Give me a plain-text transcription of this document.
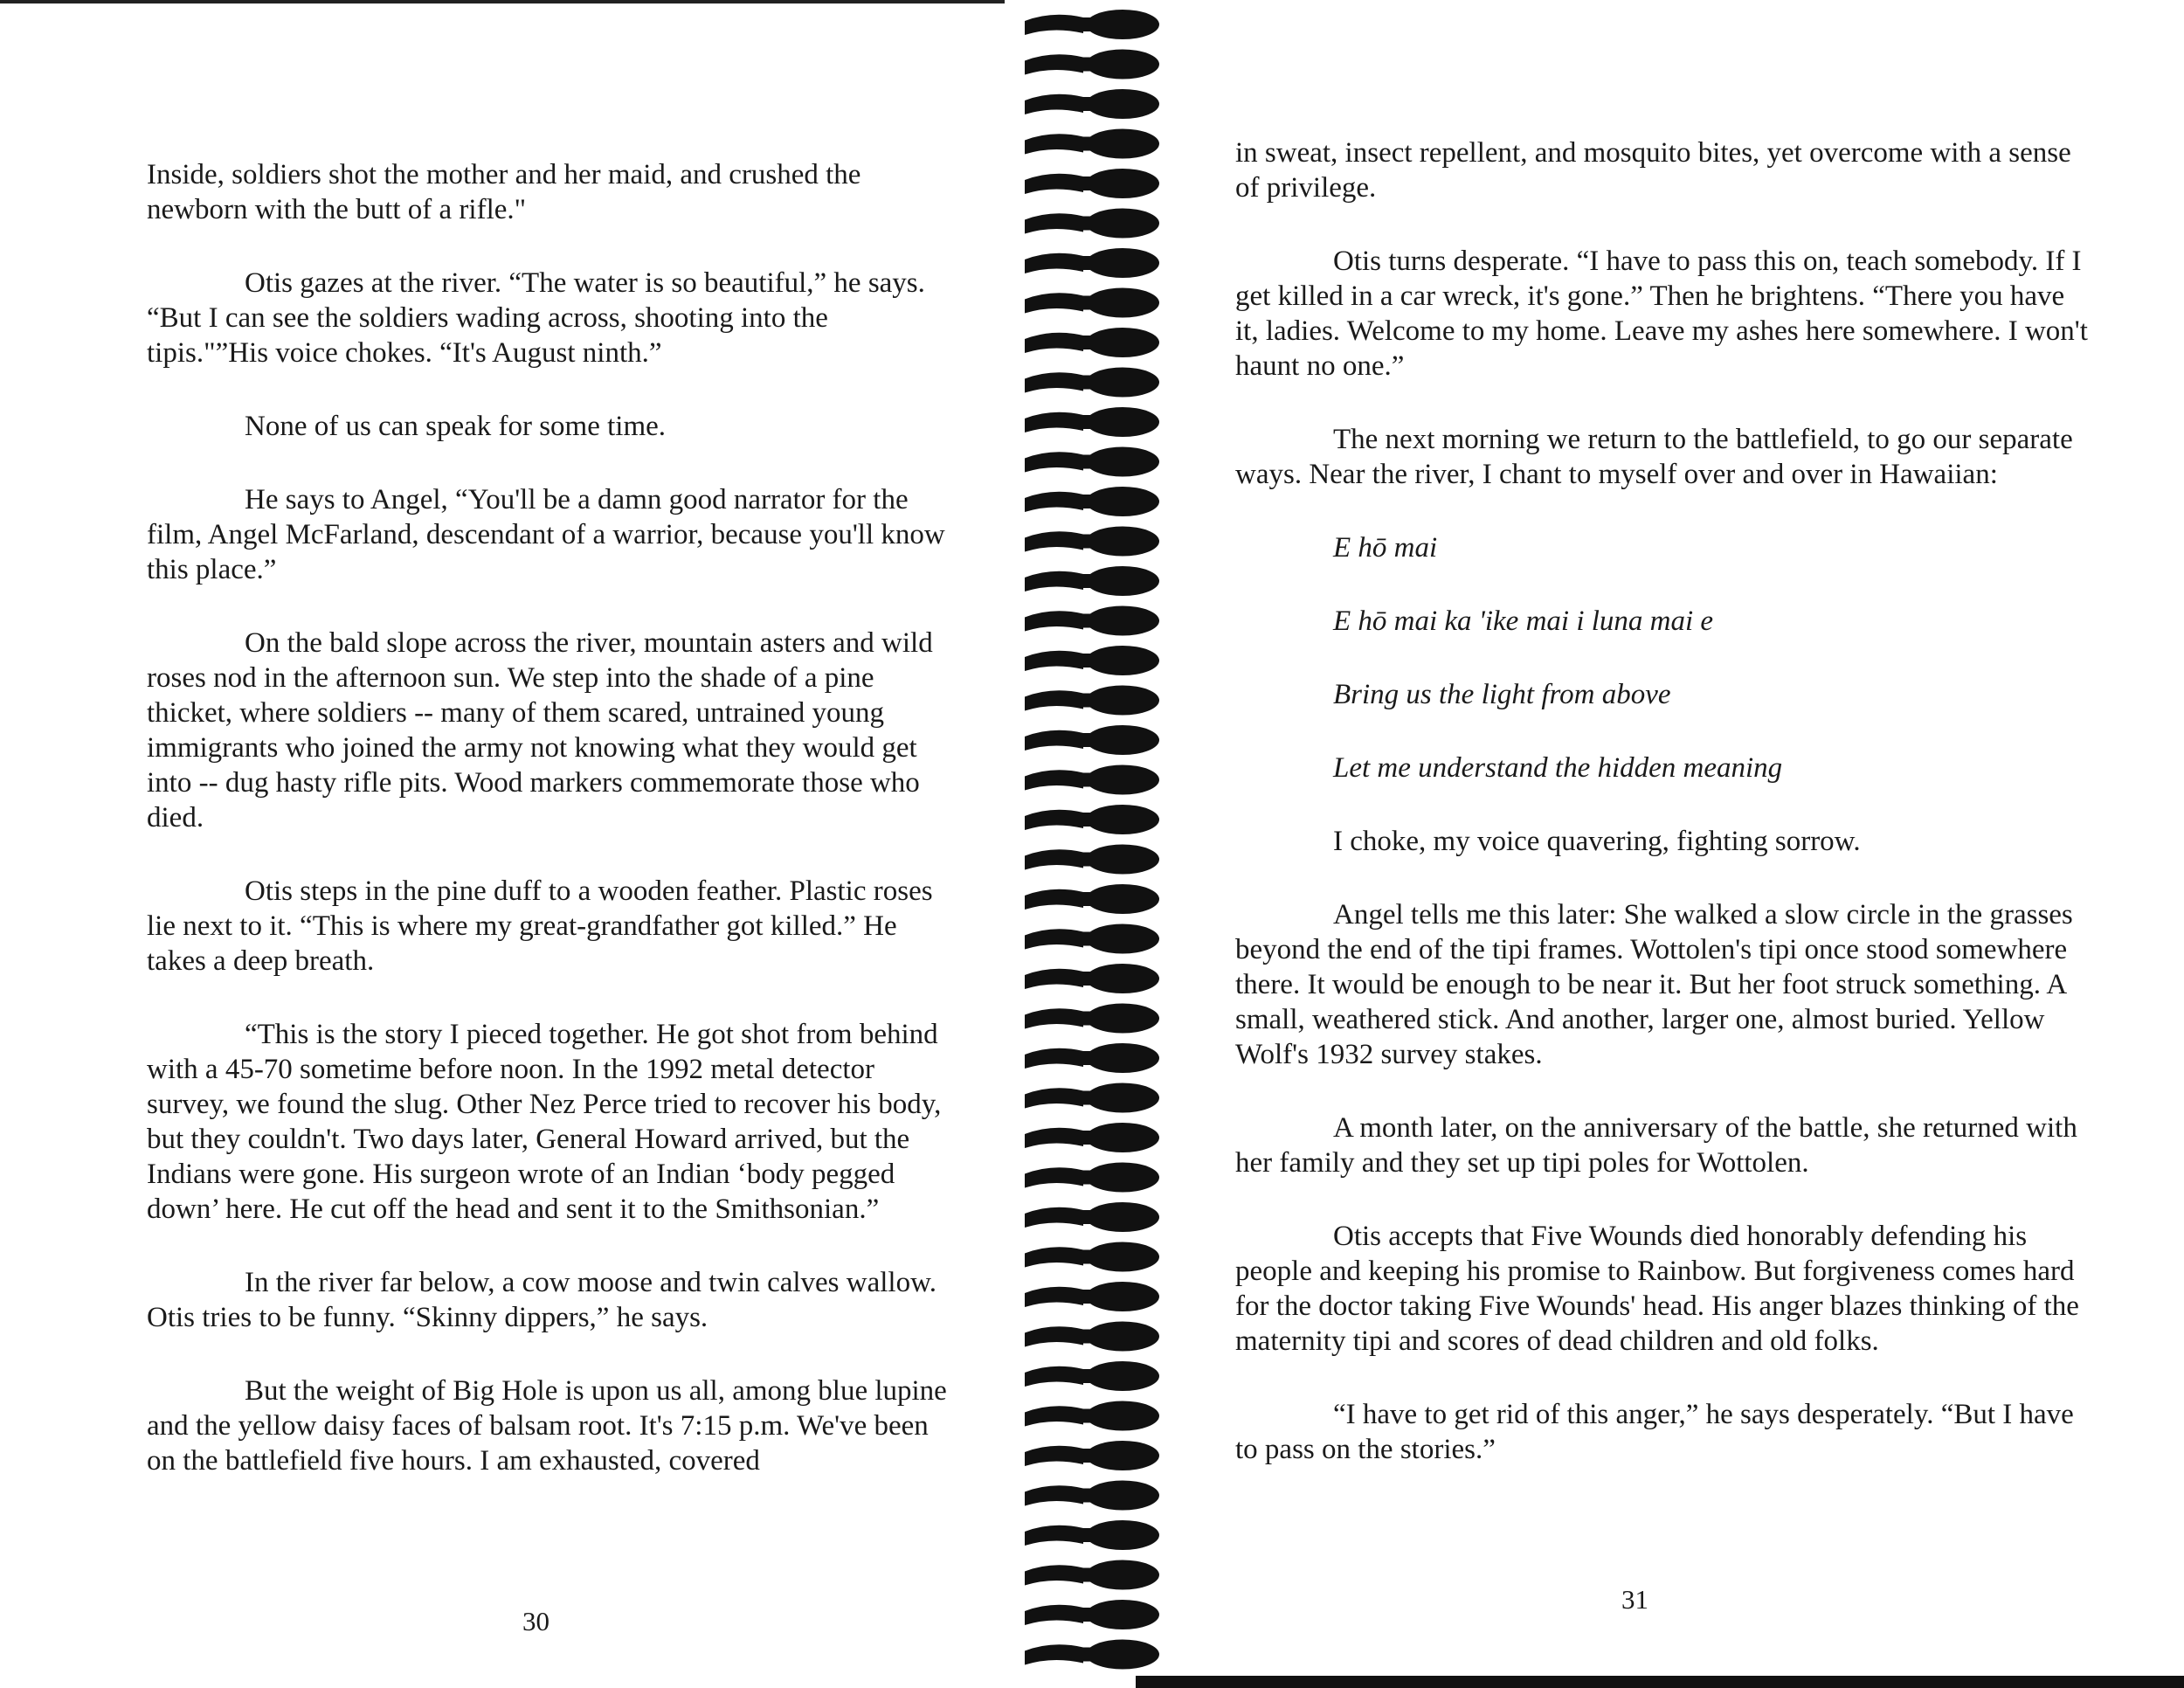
Inside, soldiers shot the mother and her maid, and crushed the newborn with the butt of a rifle."

Otis gazes at the river. “The water is so beautiful,” he says. “But I can see the soldiers wading across, shooting into the tipis."”His voice chokes. “It's August ninth.”

None of us can speak for some time.

He says to Angel, “You'll be a damn good narrator for the film, Angel McFarland, descendant of a warrior, because you'll know this place.”

On the bald slope across the river, mountain asters and wild roses nod in the afternoon sun. We step into the shade of a pine thicket, where soldiers -- many of them scared, untrained young immigrants who joined the army not knowing what they would get into -- dug hasty rifle pits. Wood markers commemorate those who died.

Otis steps in the pine duff to a wooden feather. Plastic roses lie next to it. “This is where my great-grandfather got killed.” He takes a deep breath.

“This is the story I pieced together. He got shot from behind with a 45-70 sometime before noon. In the 1992 metal detector survey, we found the slug. Other Nez Perce tried to recover his body, but they couldn't. Two days later, General Howard arrived, but the Indians were gone. His surgeon wrote of an Indian ‘body pegged down’ here. He cut off the head and sent it to the Smithsonian.”

In the river far below, a cow moose and twin calves wallow. Otis tries to be funny. “Skinny dippers,” he says.

But the weight of Big Hole is upon us all, among blue lupine and the yellow daisy faces of balsam root. It's 7:15 p.m. We've been on the battlefield five hours. I am exhausted, covered

30

in sweat, insect repellent, and mosquito bites, yet overcome with a sense of privilege.

Otis turns desperate. “I have to pass this on, teach somebody. If I get killed in a car wreck, it's gone.” Then he brightens. “There you have it, ladies. Welcome to my home. Leave my ashes here somewhere. I won't haunt no one.”

The next morning we return to the battlefield, to go our separate ways. Near the river, I chant to myself over and over in Hawaiian:

E hō mai

E hō mai ka 'ike mai i luna mai e

Bring us the light from above

Let me understand the hidden meaning

I choke, my voice quavering, fighting sorrow.

Angel tells me this later: She walked a slow circle in the grasses beyond the end of the tipi frames. Wottolen's tipi once stood somewhere there. It would be enough to be near it. But her foot struck something. A small, weathered stick. And another, larger one, almost buried. Yellow Wolf's 1932 survey stakes.

A month later, on the anniversary of the battle, she returned with her family and they set up tipi poles for Wottolen.

Otis accepts that Five Wounds died honorably defending his people and keeping his promise to Rainbow. But forgiveness comes hard for the doctor taking Five Wounds' head. His anger blazes thinking of the maternity tipi and scores of dead children and old folks.

“I have to get rid of this anger,” he says desperately. “But I have to pass on the stories.”

31
